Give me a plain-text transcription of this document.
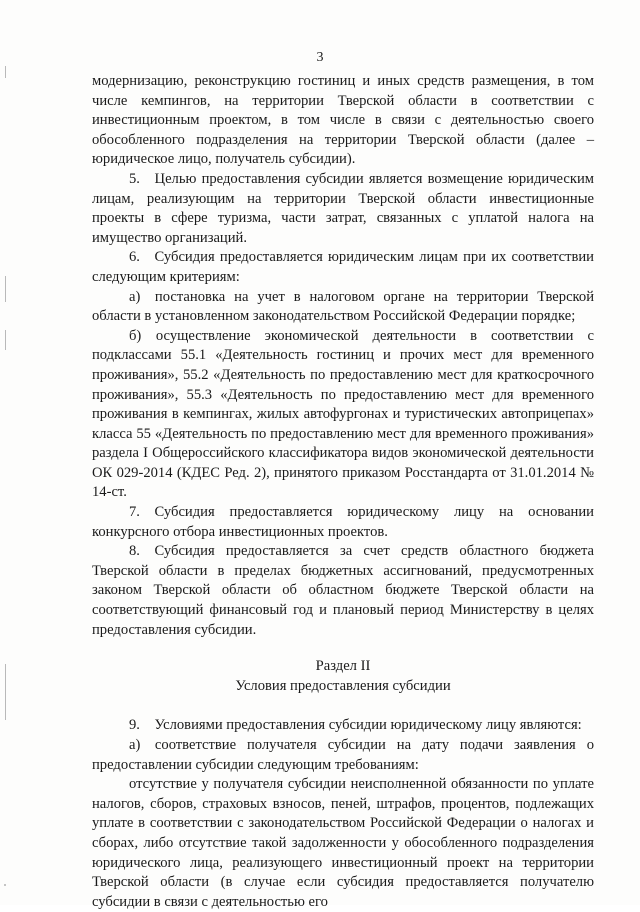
3

модернизацию, реконструкцию гостиниц и иных средств размещения, в том числе кемпингов, на территории Тверской области в соответствии с инвестиционным проектом, в том числе в связи с деятельностью своего обособленного подразделения на территории Тверской области (далее – юридическое лицо, получатель субсидии).

5. Целью предоставления субсидии является возмещение юридическим лицам, реализующим на территории Тверской области инвестиционные проекты в сфере туризма, части затрат, связанных с уплатой налога на имущество организаций.

6. Субсидия предоставляется юридическим лицам при их соответствии следующим критериям:

а) постановка на учет в налоговом органе на территории Тверской области в установленном законодательством Российской Федерации порядке;

б) осуществление экономической деятельности в соответствии с подклассами 55.1 «Деятельность гостиниц и прочих мест для временного проживания», 55.2 «Деятельность по предоставлению мест для краткосрочного проживания», 55.3 «Деятельность по предоставлению мест для временного проживания в кемпингах, жилых автофургонах и туристических автоприцепах» класса 55 «Деятельность по предоставлению мест для временного проживания» раздела I Общероссийского классификатора видов экономической деятельности ОК 029-2014 (КДЕС Ред. 2), принятого приказом Росстандарта от 31.01.2014 № 14-ст.

7. Субсидия предоставляется юридическому лицу на основании конкурсного отбора инвестиционных проектов.

8. Субсидия предоставляется за счет средств областного бюджета Тверской области в пределах бюджетных ассигнований, предусмотренных законом Тверской области об областном бюджете Тверской области на соответствующий финансовый год и плановый период Министерству в целях предоставления субсидии.

Раздел II

Условия предоставления субсидии

9. Условиями предоставления субсидии юридическому лицу являются:

а) соответствие получателя субсидии на дату подачи заявления о предоставлении субсидии следующим требованиям:

отсутствие у получателя субсидии неисполненной обязанности по уплате налогов, сборов, страховых взносов, пеней, штрафов, процентов, подлежащих уплате в соответствии с законодательством Российской Федерации о налогах и сборах, либо отсутствие такой задолженности у обособленного подразделения юридического лица, реализующего инвестиционный проект на территории Тверской области (в случае если субсидия предоставляется получателю субсидии в связи с деятельностью его
